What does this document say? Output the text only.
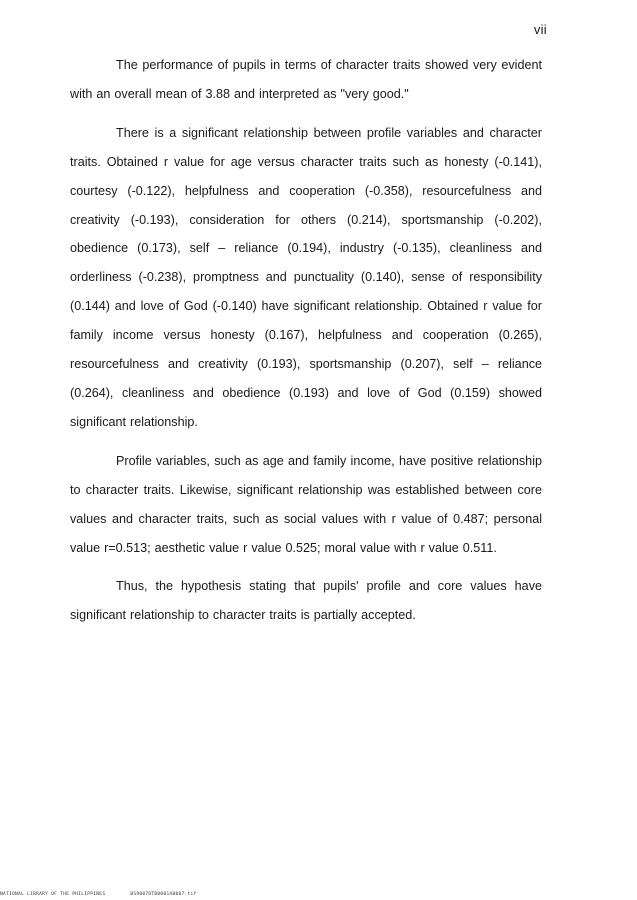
vii

The performance of pupils in terms of character traits showed very evident with an overall mean of 3.88 and interpreted as "very good."

There is a significant relationship between profile variables and character traits. Obtained r value for age versus character traits such as honesty (-0.141), courtesy (-0.122), helpfulness and cooperation (-0.358), resourcefulness and creativity (-0.193), consideration for others (0.214), sportsmanship (-0.202), obedience (0.173), self – reliance (0.194), industry (-0.135), cleanliness and orderliness (-0.238), promptness and punctuality (0.140), sense of responsibility (0.144) and love of God (-0.140) have significant relationship. Obtained r value for family income versus honesty (0.167), helpfulness and cooperation (0.265), resourcefulness and creativity (0.193), sportsmanship (0.207), self – reliance (0.264), cleanliness and obedience (0.193) and love of God (0.159) showed significant relationship.

Profile variables, such as age and family income, have positive relationship to character traits. Likewise, significant relationship was established between core values and character traits, such as social values with r value of 0.487; personal value r=0.513; aesthetic value r value 0.525; moral value with r value 0.511.

Thus, the hypothesis stating that pupils' profile and core values have significant relationship to character traits is partially accepted.

NATIONAL LIBRARY OF THE PHILIPPINES	BS9007DTB0001A0007.tif
